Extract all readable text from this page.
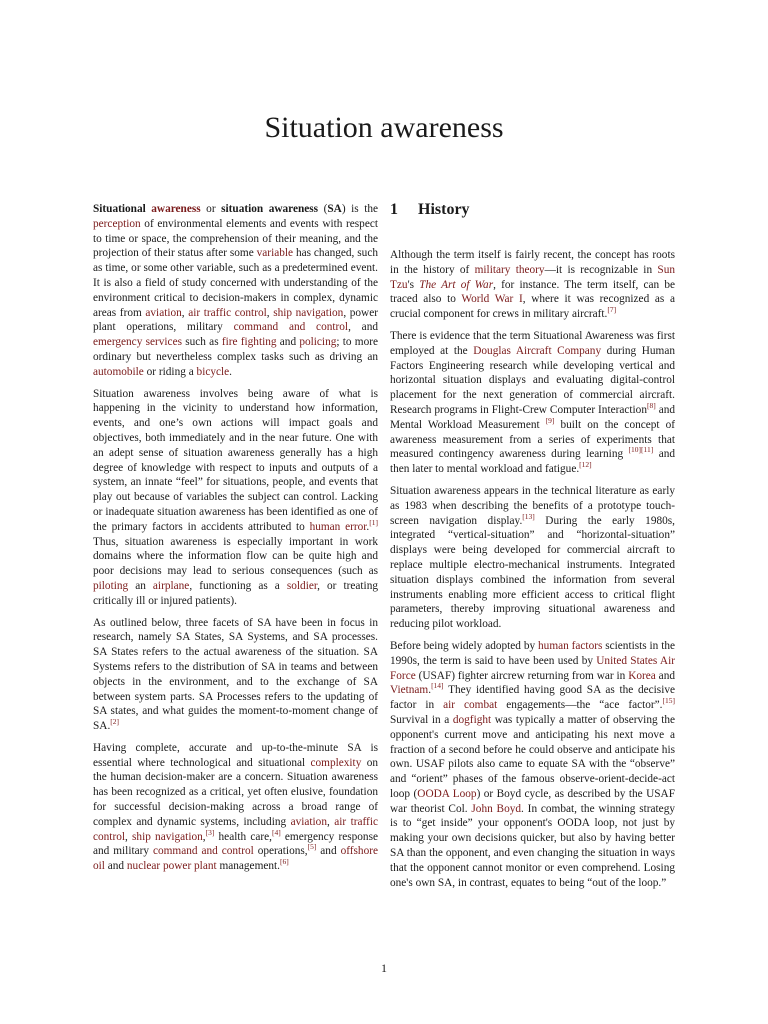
Situation awareness

Situational awareness or situation awareness (SA) is the perception of environmental elements and events with respect to time or space, the comprehension of their meaning, and the projection of their status after some variable has changed, such as time, or some other variable, such as a predetermined event. It is also a field of study concerned with understanding of the environment critical to decision-makers in complex, dynamic areas from aviation, air traffic control, ship navigation, power plant operations, military command and control, and emergency services such as fire fighting and policing; to more ordinary but nevertheless complex tasks such as driving an automobile or riding a bicycle.

Situation awareness involves being aware of what is happening in the vicinity to understand how information, events, and one’s own actions will impact goals and objectives, both immediately and in the near future. One with an adept sense of situation awareness generally has a high degree of knowledge with respect to inputs and outputs of a system, an innate “feel” for situations, people, and events that play out because of variables the subject can control. Lacking or inadequate situation awareness has been identified as one of the primary factors in accidents attributed to human error.[1] Thus, situation awareness is especially important in work domains where the information flow can be quite high and poor decisions may lead to serious consequences (such as piloting an airplane, functioning as a soldier, or treating critically ill or injured patients).

As outlined below, three facets of SA have been in focus in research, namely SA States, SA Systems, and SA processes. SA States refers to the actual awareness of the situation. SA Systems refers to the distribution of SA in teams and between objects in the environment, and to the exchange of SA between system parts. SA Processes refers to the updating of SA states, and what guides the moment-to-moment change of SA.[2]

Having complete, accurate and up-to-the-minute SA is essential where technological and situational complexity on the human decision-maker are a concern. Situation awareness has been recognized as a critical, yet often elusive, foundation for successful decision-making across a broad range of complex and dynamic systems, including aviation, air traffic control, ship navigation,[3] health care,[4] emergency response and military command and control operations,[5] and offshore oil and nuclear power plant management.[6]

1 History

Although the term itself is fairly recent, the concept has roots in the history of military theory—it is recognizable in Sun Tzu's The Art of War, for instance. The term itself, can be traced also to World War I, where it was recognized as a crucial component for crews in military aircraft.[7]

There is evidence that the term Situational Awareness was first employed at the Douglas Aircraft Company during Human Factors Engineering research while developing vertical and horizontal situation displays and evaluating digital-control placement for the next generation of commercial aircraft. Research programs in Flight-Crew Computer Interaction[8] and Mental Workload Measurement [9] built on the concept of awareness measurement from a series of experiments that measured contingency awareness during learning [10][11] and then later to mental workload and fatigue.[12]

Situation awareness appears in the technical literature as early as 1983 when describing the benefits of a prototype touch-screen navigation display.[13] During the early 1980s, integrated “vertical-situation” and “horizontal-situation” displays were being developed for commercial aircraft to replace multiple electro-mechanical instruments. Integrated situation displays combined the information from several instruments enabling more efficient access to critical flight parameters, thereby improving situational awareness and reducing pilot workload.

Before being widely adopted by human factors scientists in the 1990s, the term is said to have been used by United States Air Force (USAF) fighter aircrew returning from war in Korea and Vietnam.[14] They identified having good SA as the decisive factor in air combat engagements—the “ace factor”.[15] Survival in a dogfight was typically a matter of observing the opponent's current move and anticipating his next move a fraction of a second before he could observe and anticipate his own. USAF pilots also came to equate SA with the “observe” and “orient” phases of the famous observe-orient-decide-act loop (OODA Loop) or Boyd cycle, as described by the USAF war theorist Col. John Boyd. In combat, the winning strategy is to “get inside” your opponent's OODA loop, not just by making your own decisions quicker, but also by having better SA than the opponent, and even changing the situation in ways that the opponent cannot monitor or even comprehend. Losing one's own SA, in contrast, equates to being “out of the loop.”

1
